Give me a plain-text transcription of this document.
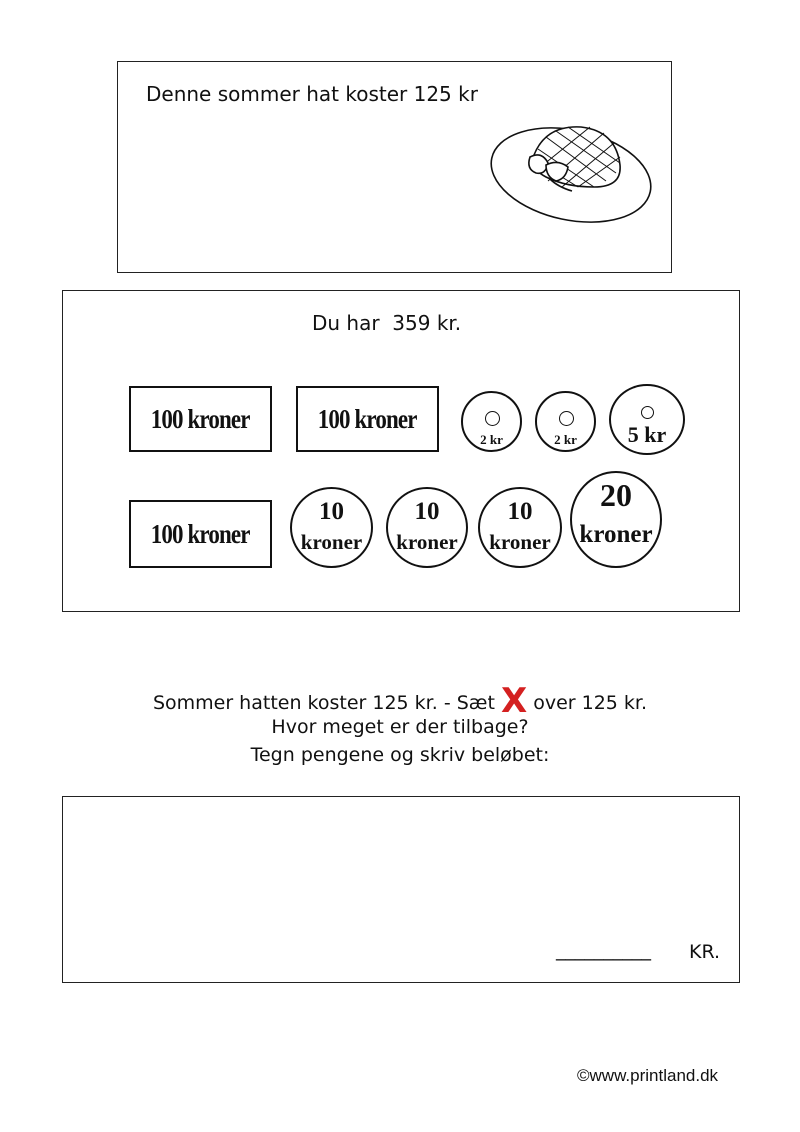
Denne sommer hat koster 125 kr
Du har  359 kr.
100 kroner	100 kroner
100 kroner
2 kr	2 kr	5 kr
10
kroner
10
kroner
10
kroner
20
kroner
Sommer hatten koster 125 kr. - Sæt X over 125 kr.
Hvor meget er der tilbage?
Tegn pengene og skriv beløbet:
__________ KR.
©www.printland.dk
